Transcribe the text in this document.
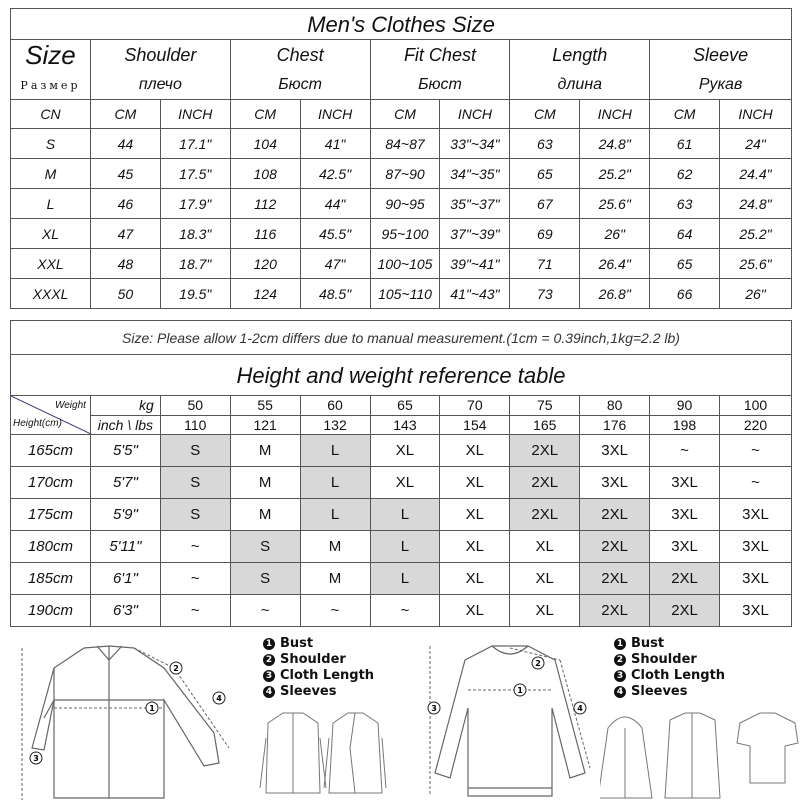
Men's Clothes Size
Size	Shoulder		Chest		Fit Chest		Length		Sleeve	
Размер	плечо		Бюст		Бюст		длина		Рукав	
CN	CM	INCH	CM	INCH	CM	INCH	CM	INCH	CM	INCH
S	44	17.1"	104	41"	84~87	33"~34"	63	24.8"	61	24"
M	45	17.5"	108	42.5"	87~90	34"~35"	65	25.2"	62	24.4"
L	46	17.9"	112	44"	90~95	35"~37"	67	25.6"	63	24.8"
XL	47	18.3"	116	45.5"	95~100	37"~39"	69	26"	64	25.2"
XXL	48	18.7"	120	47"	100~105	39"~41"	71	26.4"	65	25.6"
XXXL	50	19.5"	124	48.5"	105~110	41"~43"	73	26.8"	66	26"
Size: Please allow 1-2cm differs due to manual measurement.(1cm = 0.39inch,1kg=2.2 lb)
Height and weight reference table
Weight
Height(cm)	kg	50	55	60	65	70	75	80	90	100
	inch \ lbs	110	121	132	143	154	165	176	198	220
165cm	5'5"	S	M	L	XL	XL	2XL	3XL	~	~
170cm	5'7"	S	M	L	XL	XL	2XL	3XL	3XL	~
175cm	5'9"	S	M	L	L	XL	2XL	2XL	3XL	3XL
180cm	5'11"	~	S	M	L	XL	XL	2XL	3XL	3XL
185cm	6'1"	~	S	M	L	XL	XL	2XL	2XL	3XL
190cm	6'3"	~	~	~	~	XL	XL	2XL	2XL	3XL
1
2
3
4
1 Bust
2 Shoulder
3 Cloth Length
4 Sleeves	1
2
3	4
1 Bust
2 Shoulder
3 Cloth Length
4 Sleeves
